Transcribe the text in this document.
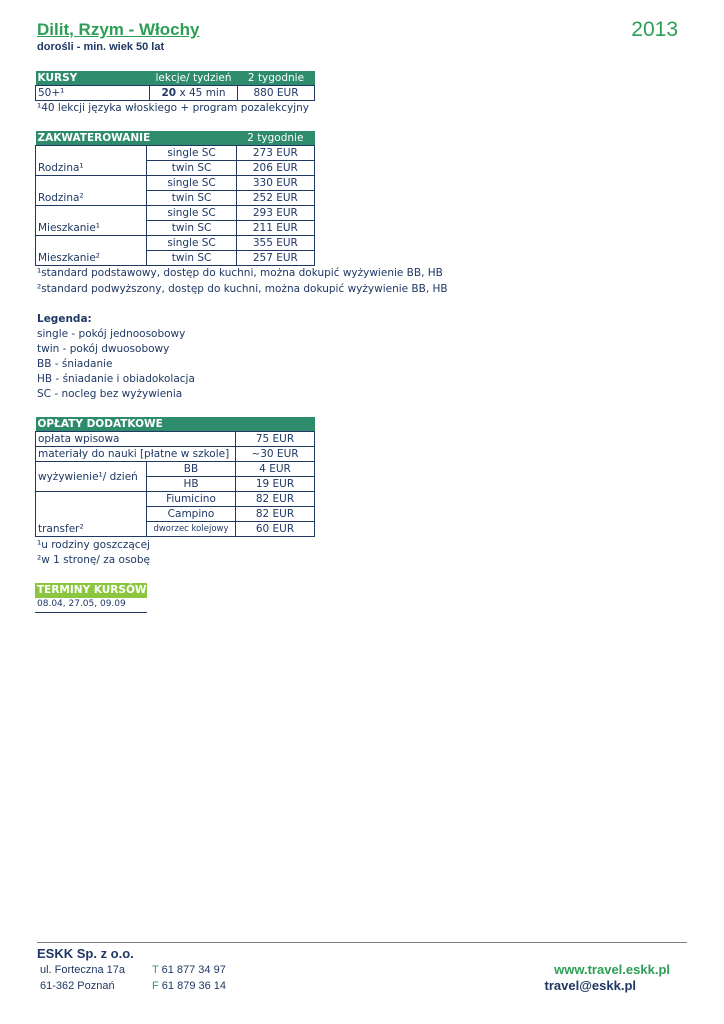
Dilit, Rzym - Włochy	2013
dorośli - min. wiek 50 lat
KURSY	lekcje/ tydzień	2 tygodnie
50+¹	20 x 45 min	880 EUR
¹40 lekcji języka włoskiego + program pozalekcyjny
ZAKWATEROWANIE		2 tygodnie
Rodzina¹	single SC	273 EUR
	twin SC	206 EUR
Rodzina²	single SC	330 EUR
	twin SC	252 EUR
Mieszkanie¹	single SC	293 EUR
	twin SC	211 EUR
Mieszkanie²	single SC	355 EUR
	twin SC	257 EUR
¹standard podstawowy, dostęp do kuchni, można dokupić wyżywienie BB, HB
²standard podwyższony, dostęp do kuchni, można dokupić wyżywienie BB, HB
Legenda:
single - pokój jednoosobowy
twin - pokój dwuosobowy
BB - śniadanie
HB - śniadanie i obiadokolacja
SC - nocleg bez wyżywienia
OPŁATY DODATKOWE		
opłata wpisowa		75 EUR
materiały do nauki [płatne w szkole]		~30 EUR
wyżywienie¹/ dzień	BB	4 EUR
	HB	19 EUR
transfer²	Fiumicino	82 EUR
	Campino	82 EUR
	dworzec kolejowy	60 EUR
¹u rodziny goszczącej
²w 1 stronę/ za osobę
TERMINY KURSÓW
08.04, 27.05, 09.09
ESKK Sp. z o.o.
ul. Forteczna 17a
61-362 Poznań
T 61 877 34 97
F 61 879 36 14
www.travel.eskk.pl
travel@eskk.pl
